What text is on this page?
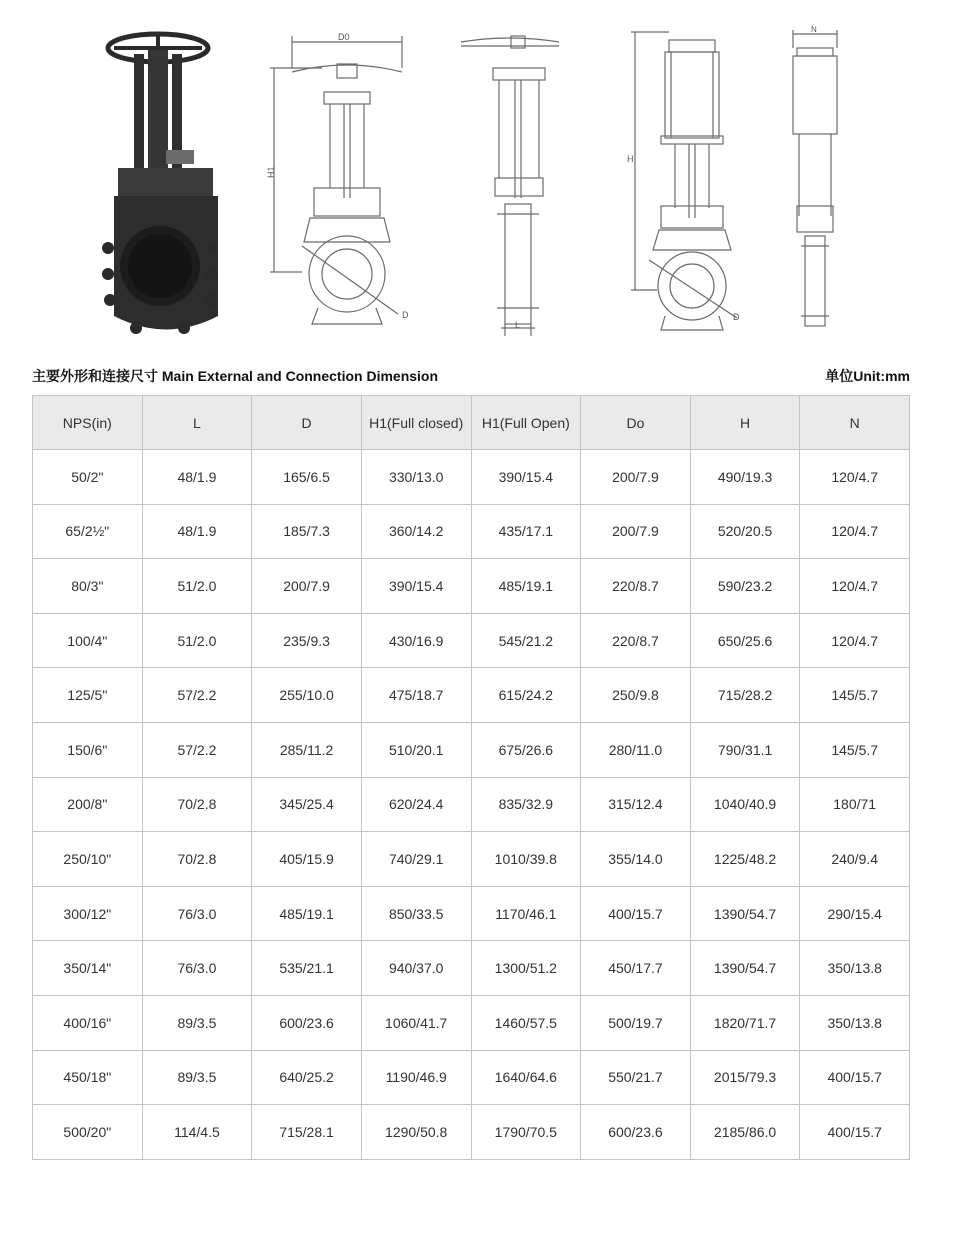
D0
H1
D
L
H
D
N
主要外形和连接尺寸 Main External and Connection Dimension	单位Unit:mm
NPS(in)	L	D	H1(Full closed)	H1(Full Open)	Do	H	N
50/2"	48/1.9	165/6.5	330/13.0	390/15.4	200/7.9	490/19.3	120/4.7
65/2½"	48/1.9	185/7.3	360/14.2	435/17.1	200/7.9	520/20.5	120/4.7
80/3"	51/2.0	200/7.9	390/15.4	485/19.1	220/8.7	590/23.2	120/4.7
100/4"	51/2.0	235/9.3	430/16.9	545/21.2	220/8.7	650/25.6	120/4.7
125/5"	57/2.2	255/10.0	475/18.7	615/24.2	250/9.8	715/28.2	145/5.7
150/6"	57/2.2	285/11.2	510/20.1	675/26.6	280/11.0	790/31.1	145/5.7
200/8"	70/2.8	345/25.4	620/24.4	835/32.9	315/12.4	1040/40.9	180/71
250/10"	70/2.8	405/15.9	740/29.1	1010/39.8	355/14.0	1225/48.2	240/9.4
300/12"	76/3.0	485/19.1	850/33.5	1170/46.1	400/15.7	1390/54.7	290/15.4
350/14"	76/3.0	535/21.1	940/37.0	1300/51.2	450/17.7	1390/54.7	350/13.8
400/16"	89/3.5	600/23.6	1060/41.7	1460/57.5	500/19.7	1820/71.7	350/13.8
450/18"	89/3.5	640/25.2	1190/46.9	1640/64.6	550/21.7	2015/79.3	400/15.7
500/20"	114/4.5	715/28.1	1290/50.8	1790/70.5	600/23.6	2185/86.0	400/15.7
